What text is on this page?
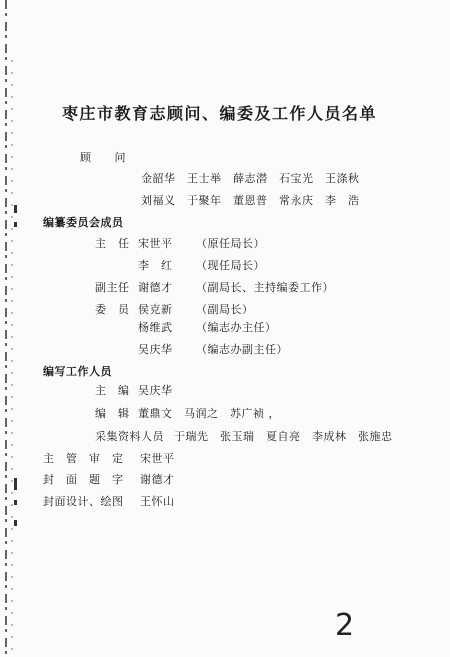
枣庄市教育志顾问、编委及工作人员名单
顾　　问
金韶华　王士举　薛志潜　石宝光　王涤秋
刘福义　于聚年　董恩普　常永庆　李　浩
编纂委员会成员
主　任 宋世平 （原任局长）
李　红 （现任局长）
副主任 谢德才 （副局长、主持编委工作）
委　员 侯克新 （副局长）
杨维武 （编志办主任）
吴庆华 （编志办副主任）
编写工作人员
主　编 吴庆华
编　辑 董鼎文　马润之　苏广祯 ，
采集资料人员 于瑞先　张玉瑞　夏自亮　李成林　张施忠
主　管　审　定 宋世平
封　面　题　字 谢德才
封面设计、绘图 王怀山
2
